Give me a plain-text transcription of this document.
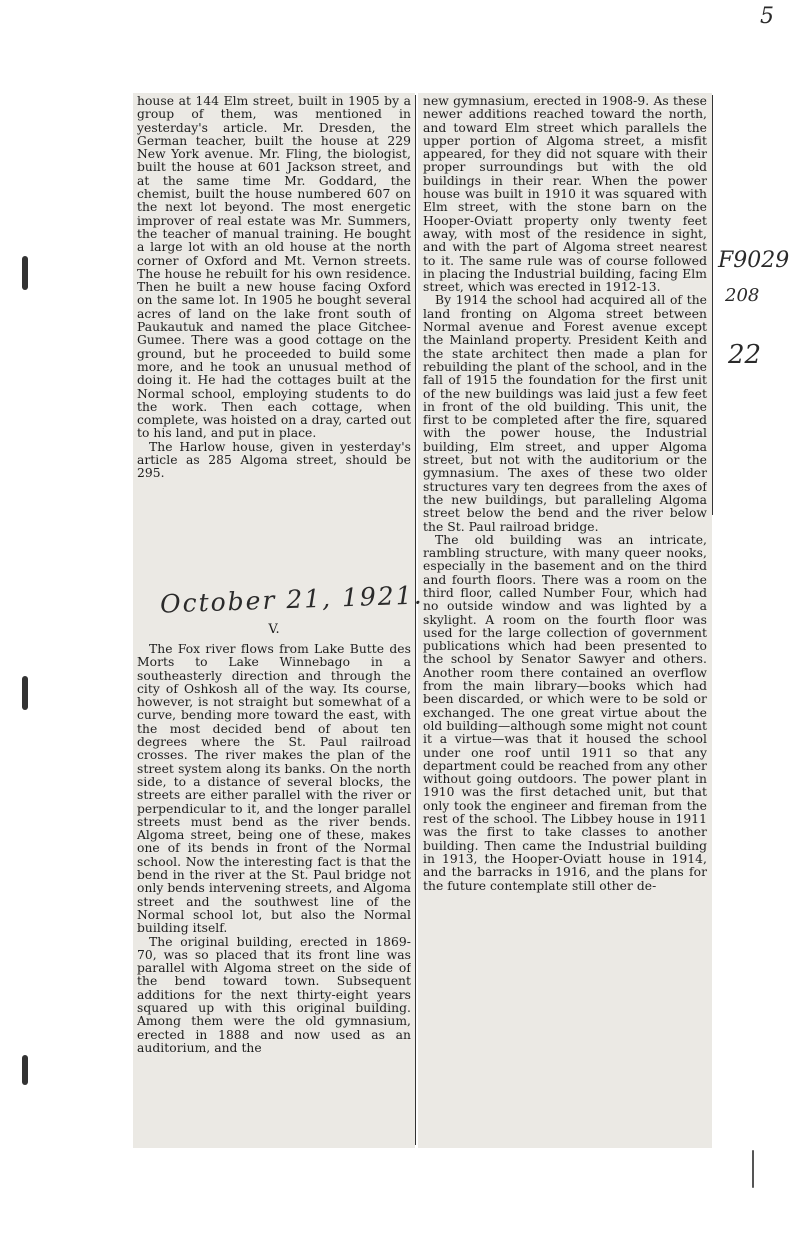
house at 144 Elm street, built in 1905 by a group of them, was mentioned in yesterday's article. Mr. Dresden, the German teacher, built the house at 229 New York avenue. Mr. Fling, the biologist, built the house at 601 Jackson street, and at the same time Mr. Goddard, the chemist, built the house numbered 607 on the next lot beyond. The most energetic improver of real estate was Mr. Summers, the teacher of manual training. He bought a large lot with an old house at the north corner of Oxford and Mt. Vernon streets. The house he rebuilt for his own residence. Then he built a new house facing Oxford on the same lot. In 1905 he bought several acres of land on the lake front south of Paukautuk and named the place Gitchee-Gumee. There was a good cottage on the ground, but he proceeded to build some more, and he took an unusual method of doing it. He had the cottages built at the Normal school, employing students to do the work. Then each cottage, when complete, was hoisted on a dray, carted out to his land, and put in place.

The Harlow house, given in yesterday's article as 285 Algoma street, should be 295.

V.

The Fox river flows from Lake Butte des Morts to Lake Winnebago in a southeasterly direction and through the city of Oshkosh all of the way. Its course, however, is not straight but somewhat of a curve, bending more toward the east, with the most decided bend of about ten degrees where the St. Paul railroad crosses. The river makes the plan of the street system along its banks. On the north side, to a distance of several blocks, the streets are either parallel with the river or perpendicular to it, and the longer parallel streets must bend as the river bends. Algoma street, being one of these, makes one of its bends in front of the Normal school. Now the interesting fact is that the bend in the river at the St. Paul bridge not only bends intervening streets, and Algoma street and the southwest line of the Normal school lot, but also the Normal building itself.

The original building, erected in 1869-70, was so placed that its front line was parallel with Algoma street on the side of the bend toward town. Subsequent additions for the next thirty-eight years squared up with this original building. Among them were the old gymnasium, erected in 1888 and now used as an auditorium, and the

new gymnasium, erected in 1908-9. As these newer additions reached toward the north, and toward Elm street which parallels the upper portion of Algoma street, a misfit appeared, for they did not square with their proper surroundings but with the old buildings in their rear. When the power house was built in 1910 it was squared with Elm street, with the stone barn on the Hooper-Oviatt property only twenty feet away, with most of the residence in sight, and with the part of Algoma street nearest to it. The same rule was of course followed in placing the Industrial building, facing Elm street, which was erected in 1912-13.

By 1914 the school had acquired all of the land fronting on Algoma street between Normal avenue and Forest avenue except the Mainland property. President Keith and the state architect then made a plan for rebuilding the plant of the school, and in the fall of 1915 the foundation for the first unit of the new buildings was laid just a few feet in front of the old building. This unit, the first to be completed after the fire, squared with the power house, the Industrial building, Elm street, and upper Algoma street, but not with the auditorium or the gymnasium. The axes of these two older structures vary ten degrees from the axes of the new buildings, but paralleling Algoma street below the bend and the river below the St. Paul railroad bridge.

The old building was an intricate, rambling structure, with many queer nooks, especially in the basement and on the third and fourth floors. There was a room on the third floor, called Number Four, which had no outside window and was lighted by a skylight. A room on the fourth floor was used for the large collection of government publications which had been presented to the school by Senator Sawyer and others. Another room there contained an overflow from the main library—books which had been discarded, or which were to be sold or exchanged. The one great virtue about the old building—although some might not count it a virtue—was that it housed the school under one roof until 1911 so that any department could be reached from any other without going outdoors. The power plant in 1910 was the first detached unit, but that only took the engineer and fireman from the rest of the school. The Libbey house in 1911 was the first to take classes to another building. Then came the Industrial building in 1913, the Hooper-Oviatt house in 1914, and the barracks in 1916, and the plans for the future contemplate still other de-

5
F9029
208
22
October 21, 1921.
